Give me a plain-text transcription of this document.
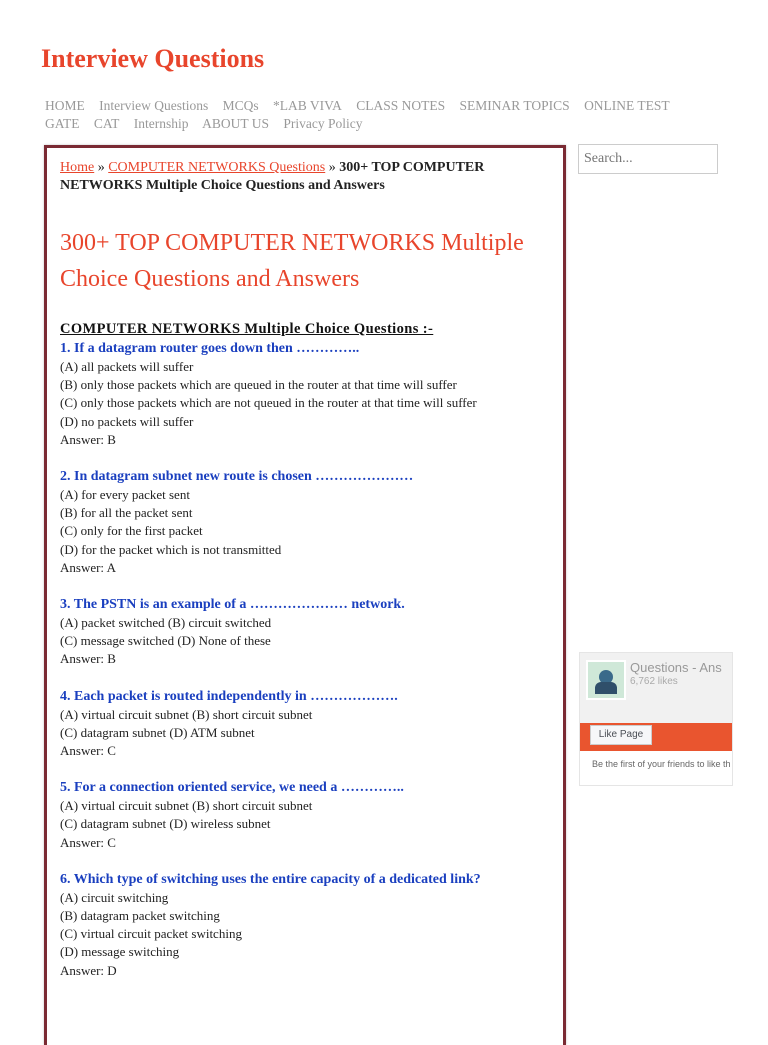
Interview Questions
HOME Interview Questions MCQs *LAB VIVA CLASS NOTES SEMINAR TOPICS ONLINE TEST GATE CAT Internship ABOUT US Privacy Policy
Home » COMPUTER NETWORKS Questions » 300+ TOP COMPUTER NETWORKS Multiple Choice Questions and Answers
300+ TOP COMPUTER NETWORKS Multiple Choice Questions and Answers
COMPUTER NETWORKS Multiple Choice Questions :-
1. If a datagram router goes down then …………..
(A) all packets will suffer
(B) only those packets which are queued in the router at that time will suffer
(C) only those packets which are not queued in the router at that time will suffer
(D) no packets will suffer
Answer: B
2. In datagram subnet new route is chosen …………………
(A) for every packet sent
(B) for all the packet sent
(C) only for the first packet
(D) for the packet which is not transmitted
Answer: A
3. The PSTN is an example of a ………………… network.
(A) packet switched (B) circuit switched
(C) message switched (D) None of these
Answer: B
4. Each packet is routed independently in ……………….
(A) virtual circuit subnet (B) short circuit subnet
(C) datagram subnet (D) ATM subnet
Answer: C
5. For a connection oriented service, we need a …………..
(A) virtual circuit subnet (B) short circuit subnet
(C) datagram subnet (D) wireless subnet
Answer: C
6. Which type of switching uses the entire capacity of a dedicated link?
(A) circuit switching
(B) datagram packet switching
(C) virtual circuit packet switching
(D) message switching
Answer: D
Search...
Questions - Ans
6,762 likes
Like Page
Be the first of your friends to like th
